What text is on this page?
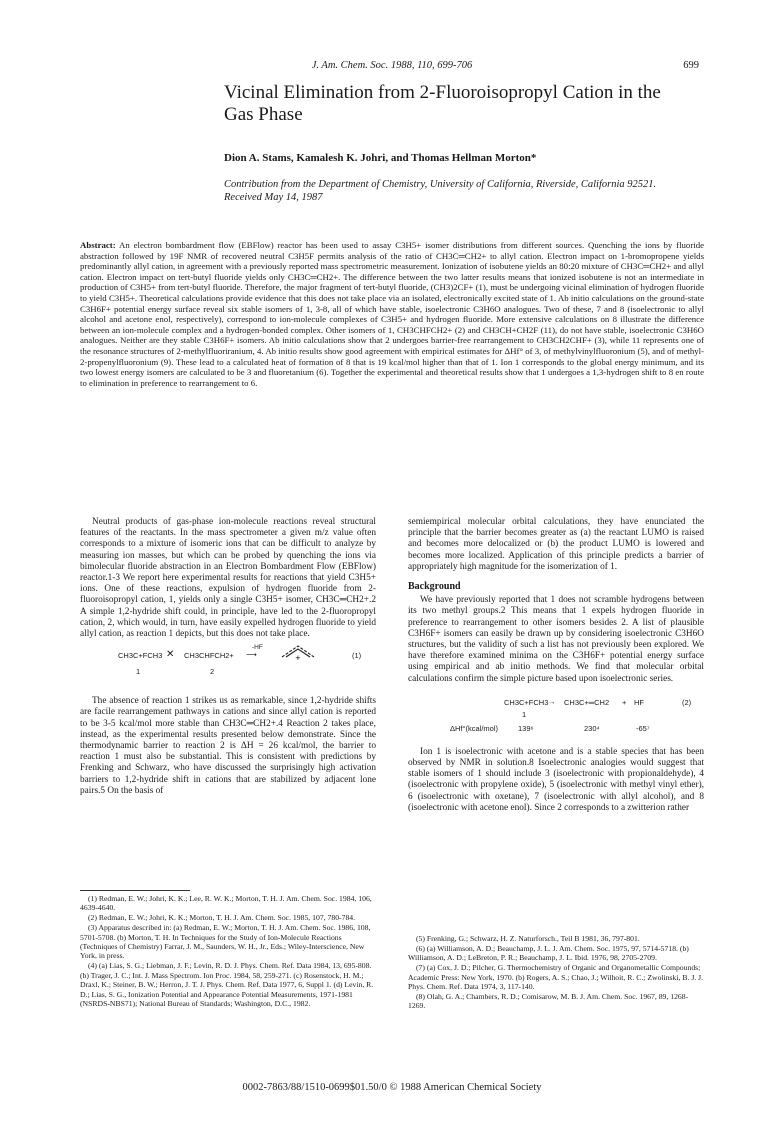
J. Am. Chem. Soc. 1988, 110, 699-706	699
Vicinal Elimination from 2-Fluoroisopropyl Cation in the Gas Phase
Dion A. Stams, Kamalesh K. Johri, and Thomas Hellman Morton*
Contribution from the Department of Chemistry, University of California, Riverside, California 92521. Received May 14, 1987
Abstract: An electron bombardment flow (EBFlow) reactor has been used to assay C3H5+ isomer distributions from different sources. Quenching the ions by fluoride abstraction followed by 19F NMR of recovered neutral C3H5F permits analysis of the ratio of CH3C═CH2+ to allyl cation. Electron impact on 1-bromopropene yields predominantly allyl cation, in agreement with a previously reported mass spectrometric measurement. Ionization of isobutene yields an 80:20 mixture of CH3C═CH2+ and allyl cation. Electron impact on tert-butyl fluoride yields only CH3C═CH2+. The difference between the two latter results means that ionized isobutene is not an intermediate in production of C3H5+ from tert-butyl fluoride. Therefore, the major fragment of tert-butyl fluoride, (CH3)2CF+ (1), must be undergoing vicinal elimination of hydrogen fluoride to yield C3H5+. Theoretical calculations provide evidence that this does not take place via an isolated, electronically excited state of 1. Ab initio calculations on the ground-state C3H6F+ potential energy surface reveal six stable isomers of 1, 3-8, all of which have stable, isoelectronic C3H6O analogues. Two of these, 7 and 8 (isoelectronic to allyl alcohol and acetone enol, respectively), correspond to ion-molecule complexes of C3H5+ and hydrogen fluoride. More extensive calculations on 8 illustrate the difference between an ion-molecule complex and a hydrogen-bonded complex. Other isomers of 1, CH3CHFCH2+ (2) and CH3CH+CH2F (11), do not have stable, isoelectronic C3H6O analogues. Neither are they stable C3H6F+ isomers. Ab initio calculations show that 2 undergoes barrier-free rearrangement to CH3CH2CHF+ (3), while 11 represents one of the resonance structures of 2-methylfluoriranium, 4. Ab initio results show good agreement with empirical estimates for ΔHf° of 3, of methylvinylfluoronium (5), and of methyl-2-propenylfluoronium (9). These lead to a calculated heat of formation of 8 that is 19 kcal/mol higher than that of 1. Ion 1 corresponds to the global energy minimum, and its two lowest energy isomers are calculated to be 3 and fluoretanium (6). Together the experimental and theoretical results show that 1 undergoes a 1,3-hydrogen shift to 8 en route to elimination in preference to rearrangement to 6.

Neutral products of gas-phase ion-molecule reactions reveal structural features of the reactants. In the mass spectrometer a given m/z value often corresponds to a mixture of isomeric ions that can be difficult to analyze by measuring ion masses, but which can be probed by quenching the ions via bimolecular fluoride abstraction in an Electron Bombardment Flow (EBFlow) reactor.1-3 We report here experimental results for reactions that yield C3H5+ ions. One of these reactions, expulsion of hydrogen fluoride from 2-fluoroisopropyl cation, 1, yields only a single C3H5+ isomer, CH3C═CH2+.2 A simple 1,2-hydride shift could, in principle, have led to the 2-fluoropropyl cation, 2, which would, in turn, have easily expelled hydrogen fluoride to yield allyl cation, as reaction 1 depicts, but this does not take place.

CH3C+FCH3 ✕ CH3CHFCH2+
-HF
⟶	+	(1)
1	2

The absence of reaction 1 strikes us as remarkable, since 1,2-hydride shifts are facile rearrangement pathways in cations and since allyl cation is reported to be 3-5 kcal/mol more stable than CH3C═CH2+.4 Reaction 2 takes place, instead, as the experimental results presented below demonstrate. Since the thermodynamic barrier to reaction 2 is ΔH = 26 kcal/mol, the barrier to reaction 1 must also be substantial. This is consistent with predictions by Frenking and Schwarz, who have discussed the surprisingly high activation barriers to 1,2-hydride shift in cations that are stabilized by adjacent lone pairs.5 On the basis of

semiempirical molecular orbital calculations, they have enunciated the principle that the barrier becomes greater as (a) the reactant LUMO is raised and becomes more delocalized or (b) the product LUMO is lowered and becomes more localized. Application of this principle predicts a barrier of appropriately high magnitude for the isomerization of 1.

Background

We have previously reported that 1 does not scramble hydrogens between its two methyl groups.2 This means that 1 expels hydrogen fluoride in preference to rearrangement to other isomers besides 2. A list of plausible C3H6F+ isomers can easily be drawn up by considering isoelectronic C3H6O structures, but the validity of such a list has not previously been explored. We have therefore examined minima on the C3H6F+ potential energy surface using empirical and ab initio methods. We find that molecular orbital calculations confirm the simple picture based upon isoelectronic series.

CH3C+FCH3 → CH3C+═CH2 + HF	(2)
1
ΔHf°(kcal/mol)	139⁶	230⁴	-65⁷

Ion 1 is isoelectronic with acetone and is a stable species that has been observed by NMR in solution.8 Isoelectronic analogies would suggest that stable isomers of 1 should include 3 (isoelectronic with propionaldehyde), 4 (isoelectronic with propylene oxide), 5 (isoelectronic with methyl vinyl ether), 6 (isoelectronic with oxetane), 7 (isoelectronic with allyl alcohol), and 8 (isoelectronic with acetone enol). Since 2 corresponds to a zwitterion rather

(1) Redman, E. W.; Johri, K. K.; Lee, R. W. K.; Morton, T. H. J. Am. Chem. Soc. 1984, 106, 4639-4640.

(2) Redman, E. W.; Johri, K. K.; Morton, T. H. J. Am. Chem. Soc. 1985, 107, 780-784.

(3) Apparatus described in: (a) Redman, E. W.; Morton, T. H. J. Am. Chem. Soc. 1986, 108, 5701-5708. (b) Morton, T. H. In Techniques for the Study of Ion-Molecule Reactions (Techniques of Chemistry) Farrar, J. M., Saunders, W. H., Jr., Eds.; Wiley-Interscience, New York, in press.

(4) (a) Lias, S. G.; Liebman, J. F.; Levin, R. D. J. Phys. Chem. Ref. Data 1984, 13, 695-808. (b) Trager, J. C.; Int. J. Mass Spectrom. Ion Proc. 1984, 58, 259-271. (c) Rosenstock, H. M.; Draxl, K.; Steiner, B. W.; Herron, J. T. J. Phys. Chem. Ref. Data 1977, 6, Suppl 1. (d) Levin, R. D.; Lias, S. G., Ionization Potential and Appearance Potential Measurements, 1971-1981 (NSRDS-NBS71); National Bureau of Standards; Washington, D.C., 1982.

(5) Frenking, G.; Schwarz, H. Z. Naturforsch., Teil B 1981, 36, 797-801.

(6) (a) Williamson, A. D.; Beauchamp, J. L. J. Am. Chem. Soc. 1975, 97, 5714-5718. (b) Williamson, A. D.; LeBreton, P. R.; Beauchamp, J. L. Ibid. 1976, 98, 2705-2709.

(7) (a) Cox, J. D.; Pilcher, G. Thermochemistry of Organic and Organometallic Compounds; Academic Press: New York, 1970. (b) Rogers, A. S.; Chao, J.; Wilhoit, R. C.; Zwolinski, B. J. J. Phys. Chem. Ref. Data 1974, 3, 117-140.

(8) Olah, G. A.; Chambers, R. D.; Comisarow, M. B. J. Am. Chem. Soc. 1967, 89, 1268-1269.

0002-7863/88/1510-0699$01.50/0 © 1988 American Chemical Society
